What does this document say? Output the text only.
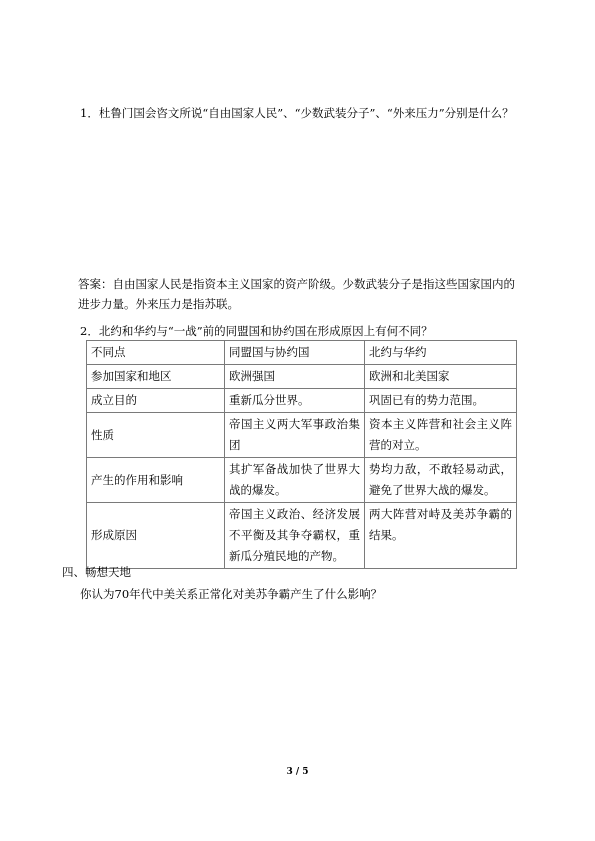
1．杜鲁门国会咨文所说“自由国家人民”、“少数武装分子”、“外来压力”分别是什么？
答案：自由国家人民是指资本主义国家的资产阶级。少数武装分子是指这些国家国内的
进步力量。外来压力是指苏联。
2．北约和华约与“一战”前的同盟国和协约国在形成原因上有何不同？
不同点	同盟国与协约国	北约与华约
参加国家和地区	欧洲强国	欧洲和北美国家
成立目的	重新瓜分世界。	巩固已有的势力范围。
性质	帝国主义两大军事政治集团	资本主义阵营和社会主义阵营的对立。
产生的作用和影响	其扩军备战加快了世界大战的爆发。	势均力敌，不敢轻易动武，避免了世界大战的爆发。
形成原因	帝国主义政治、经济发展不平衡及其争夺霸权，重新瓜分殖民地的产物。	两大阵营对峙及美苏争霸的结果。
四、畅想天地
你认为70年代中美关系正常化对美苏争霸产生了什么影响？
3 / 5
